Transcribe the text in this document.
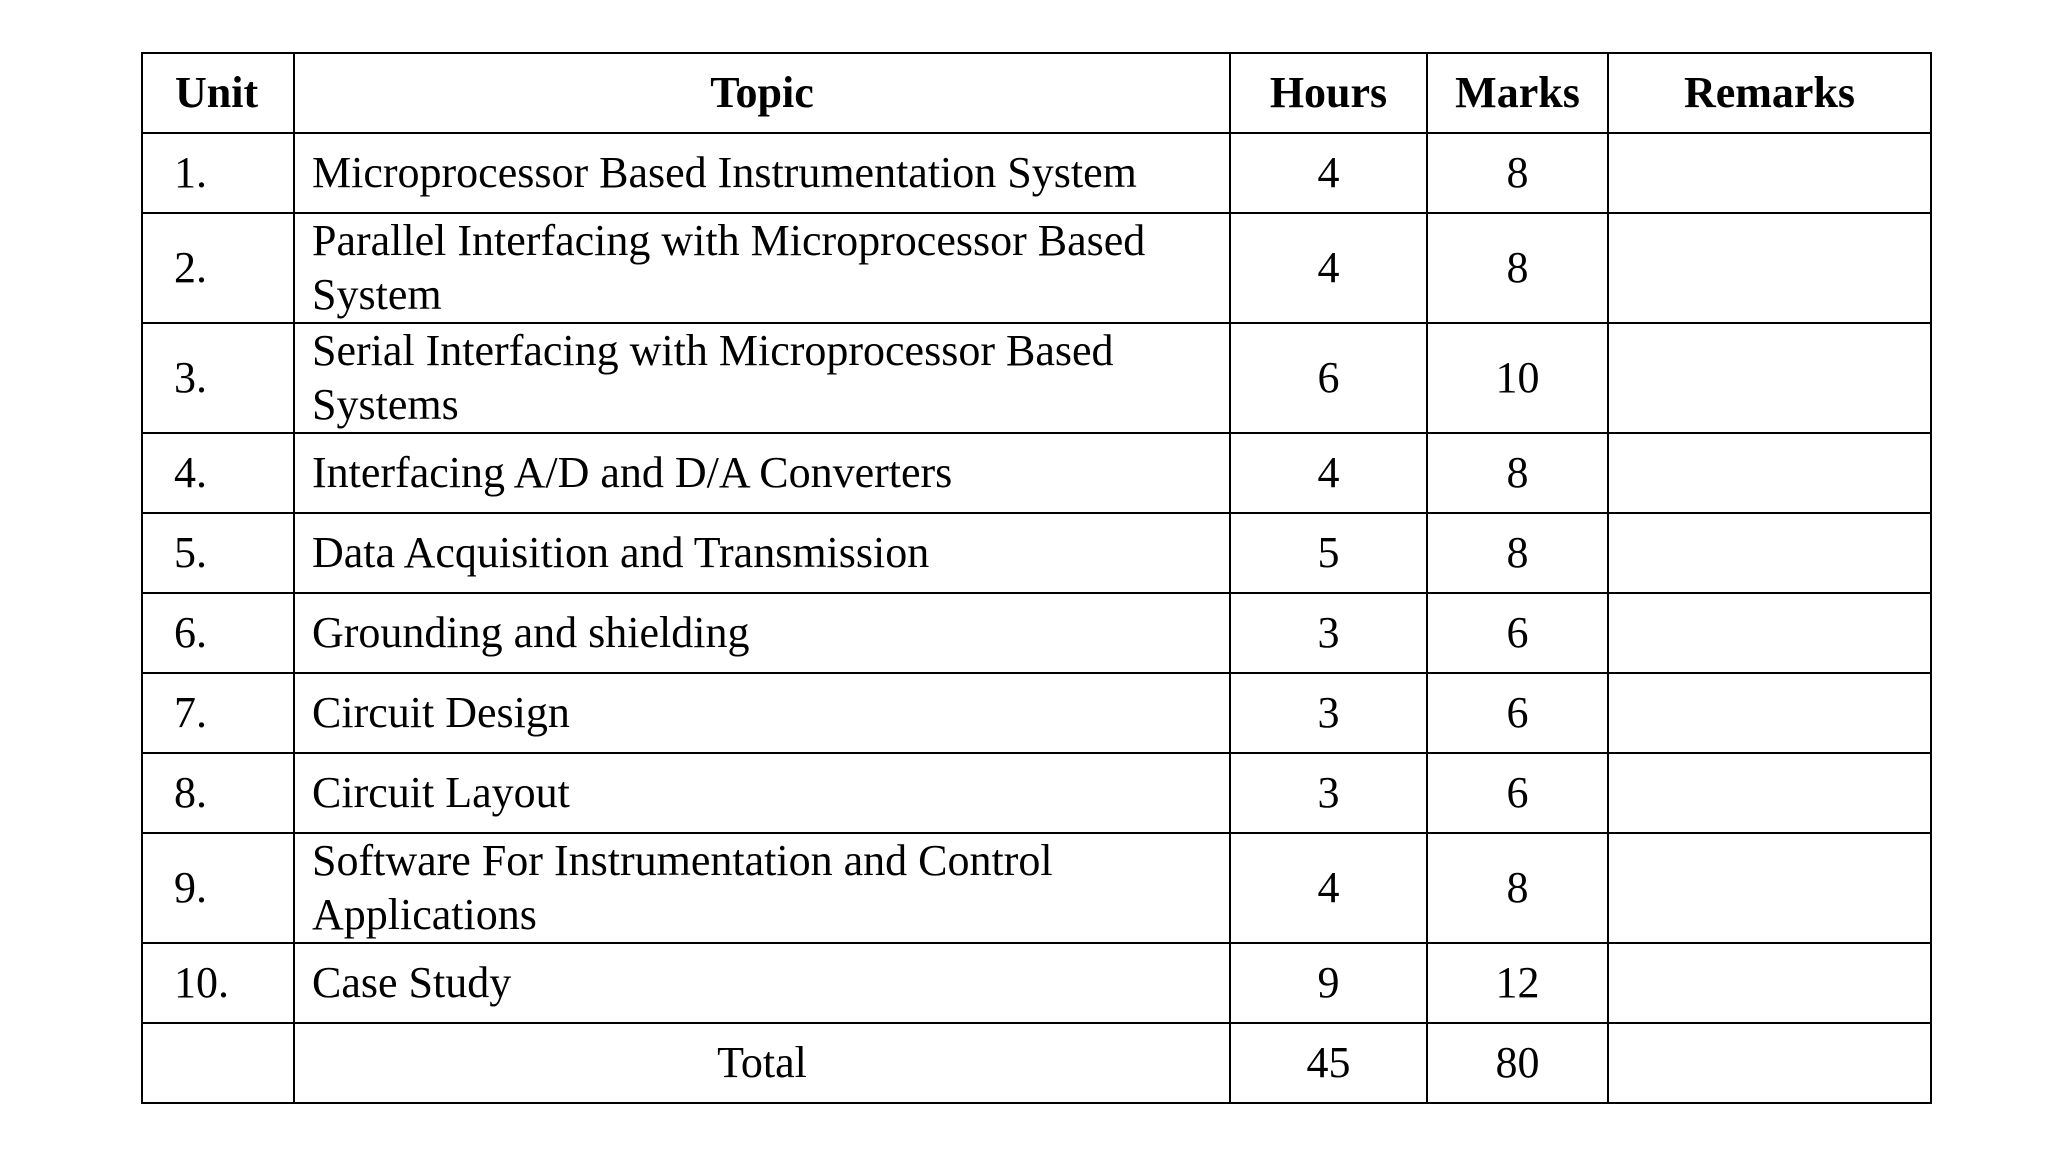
Unit	Topic	Hours	Marks	Remarks
1.	Microprocessor Based Instrumentation System	4	8	
2.	Parallel Interfacing with Microprocessor Based System	4	8	
3.	Serial Interfacing with Microprocessor Based Systems	6	10	
4.	Interfacing A/D and D/A Converters	4	8	
5.	Data Acquisition and Transmission	5	8	
6.	Grounding and shielding	3	6	
7.	Circuit Design	3	6	
8.	Circuit Layout	3	6	
9.	Software For Instrumentation and Control Applications	4	8	
10.	Case Study	9	12	
	Total	45	80	
